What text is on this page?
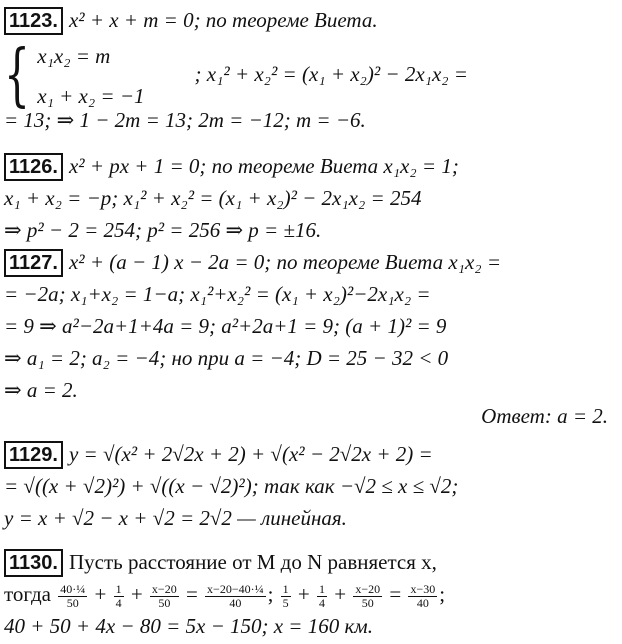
1123. x² + x + m = 0; по теореме Виета.
{ x₁x₂ = m
x₁ + x₂ = −1
; x₁² + x₂² = (x₁ + x₂)² − 2x₁x₂ =
= 13; ⇒ 1 − 2m = 13; 2m = −12; m = −6.
1126. x² + px + 1 = 0; по теореме Виета x₁x₂ = 1;
x₁ + x₂ = −p; x₁² + x₂² = (x₁ + x₂)² − 2x₁x₂ = 254
⇒ p² − 2 = 254; p² = 256 ⇒ p = ±16.
1127. x² + (a − 1) x − 2a = 0; по теореме Виета x₁x₂ =
= −2a; x₁+x₂ = 1−a; x₁²+x₂² = (x₁ + x₂)²−2x₁x₂ =
= 9 ⇒ a²−2a+1+4a = 9; a²+2a+1 = 9; (a + 1)² = 9
⇒ a₁ = 2; a₂ = −4; но при a = −4; D = 25 − 32 < 0
⇒ a = 2.
Ответ: a = 2.
1129. y = √(x² + 2√2x + 2) + √(x² − 2√2x + 2) =
= √((x + √2)²) + √((x − √2)²); так как −√2 ≤ x ≤ √2;
y = x + √2 − x + √2 = 2√2 — линейная.
1130. Пусть расстояние от M до N равняется x,
тогда $\frac{\text{40·¼}}{50} + \frac{1}{4} + \frac{x-20}{50} = \frac{\text{x−20−40·¼}}{40}$ ; $\frac{1}{5} + \frac{1}{4} + \frac{x-20}{50} = \frac{x-30}{40}$ ;
40 + 50 + 4x − 80 = 5x − 150; x = 160 км.
